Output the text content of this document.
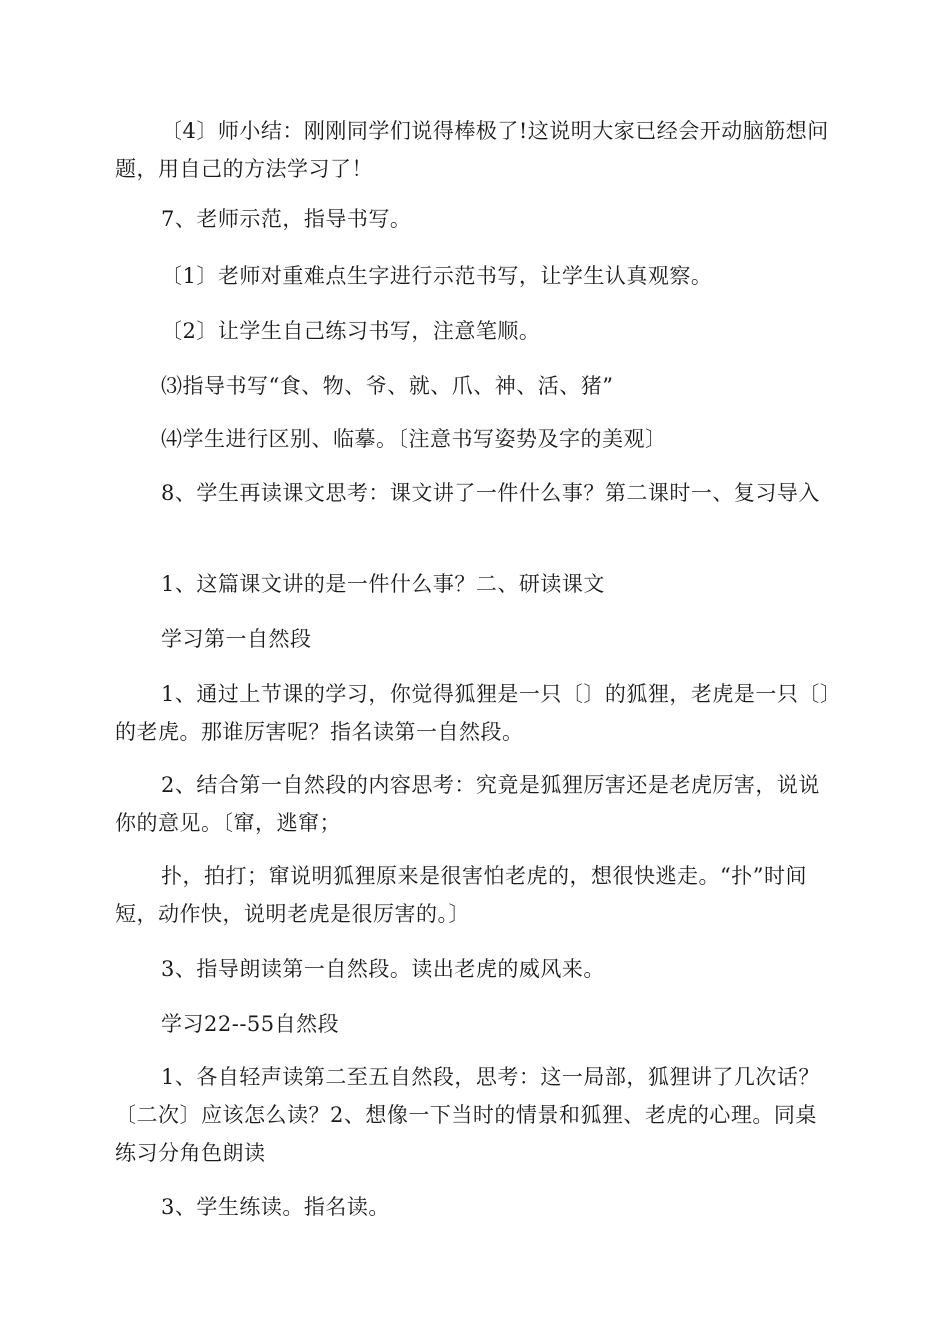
〔4〕师小结：刚刚同学们说得棒极了!这说明大家已经会开动脑筋想问题，用自己的方法学习了！

7、老师示范，指导书写。

〔1〕老师对重难点生字进行示范书写，让学生认真观察。

〔2〕让学生自己练习书写，注意笔顺。

⑶指导书写“食、物、爷、就、爪、神、活、猪”

⑷学生进行区别、临摹。〔注意书写姿势及字的美观〕

8、学生再读课文思考：课文讲了一件什么事？第二课时一、复习导入

1、这篇课文讲的是一件什么事？二、研读课文

学习第一自然段

1、通过上节课的学习，你觉得狐狸是一只〔〕的狐狸，老虎是一只〔〕的老虎。那谁厉害呢？指名读第一自然段。

2、结合第一自然段的内容思考：究竟是狐狸厉害还是老虎厉害，说说你的意见。〔窜，逃窜；

扑，拍打；窜说明狐狸原来是很害怕老虎的，想很快逃走。“扑”时间短，动作快，说明老虎是很厉害的。〕

3、指导朗读第一自然段。读出老虎的威风来。

学习22--55自然段

1、各自轻声读第二至五自然段，思考：这一局部，狐狸讲了几次话？〔二次〕应该怎么读？2、想像一下当时的情景和狐狸、老虎的心理。同桌练习分角色朗读

3、学生练读。指名读。
